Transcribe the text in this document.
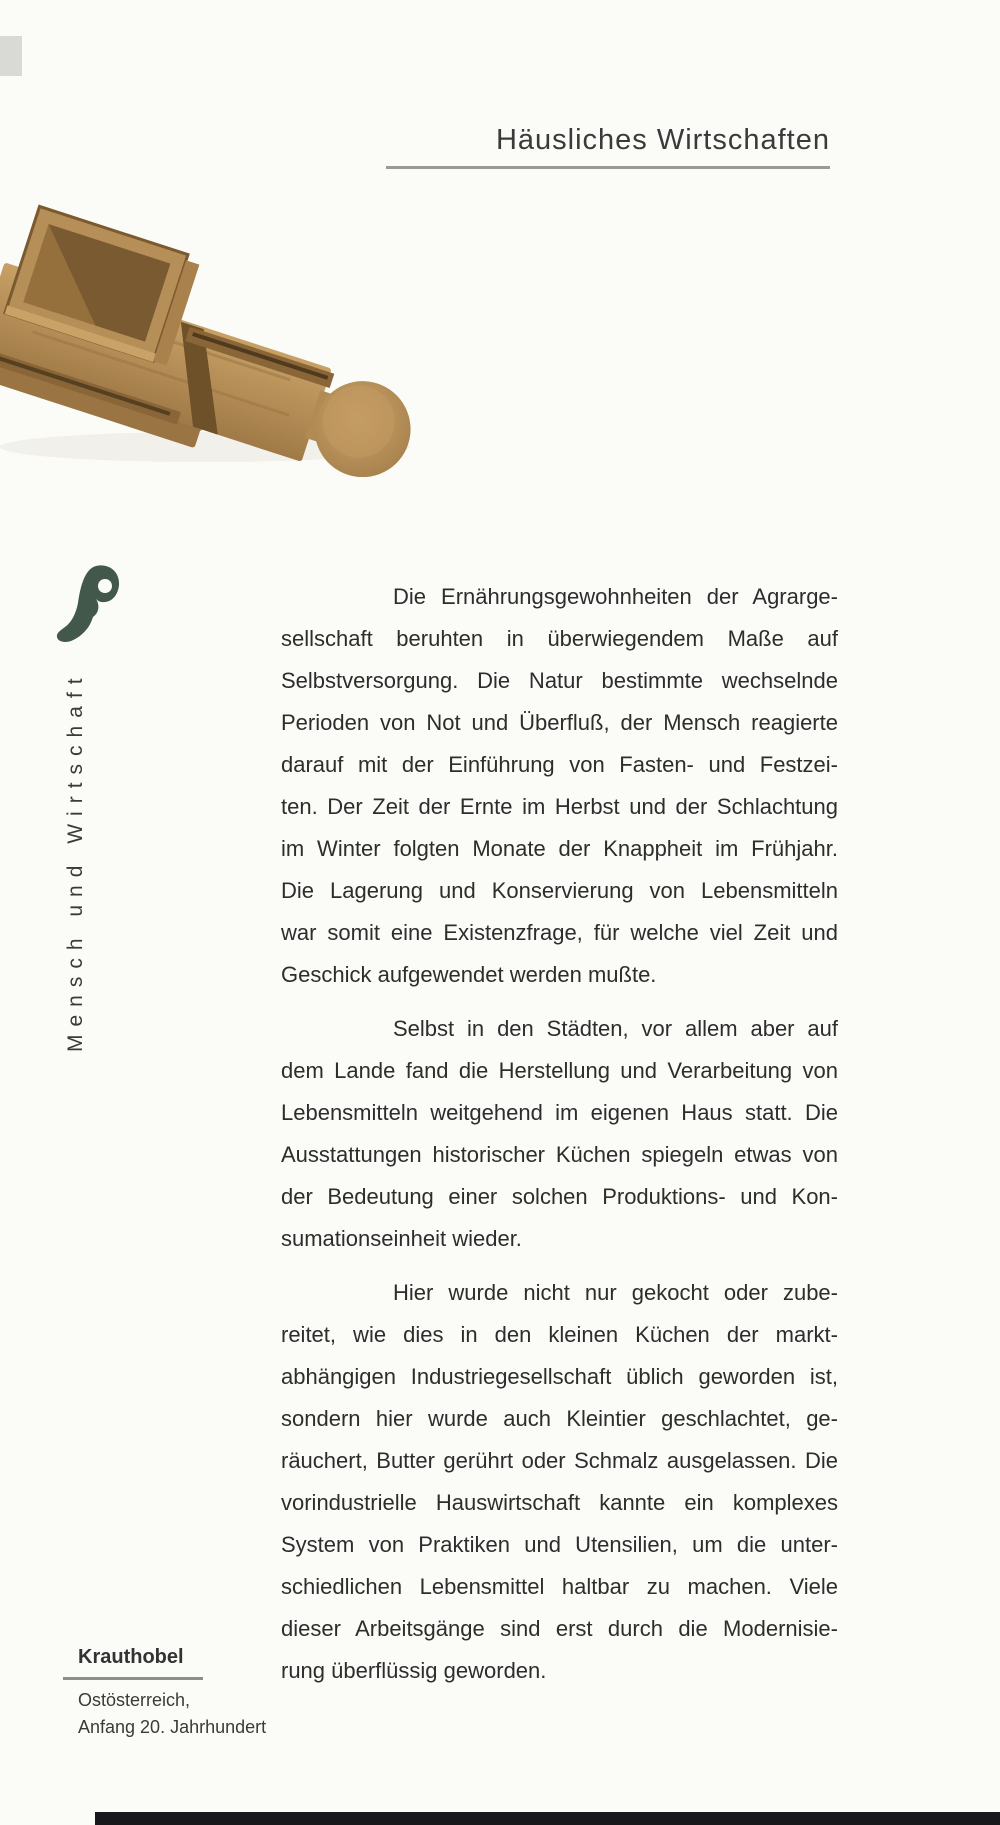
Häusliches Wirtschaften
Mensch und Wirtschaft
Die Ernährungsgewohnheiten der Agrarge-
sellschaft beruhten in überwiegendem Maße auf
Selbstversorgung. Die Natur bestimmte wechselnde
Perioden von Not und Überfluß, der Mensch reagierte
darauf mit der Einführung von Fasten- und Festzei-
ten. Der Zeit der Ernte im Herbst und der Schlachtung
im Winter folgten Monate der Knappheit im Frühjahr.
Die Lagerung und Konservierung von Lebensmitteln
war somit eine Existenzfrage, für welche viel Zeit und
Geschick aufgewendet werden mußte.
Selbst in den Städten, vor allem aber auf
dem Lande fand die Herstellung und Verarbeitung von
Lebensmitteln weitgehend im eigenen Haus statt. Die
Ausstattungen historischer Küchen spiegeln etwas von
der Bedeutung einer solchen Produktions- und Kon-
sumationseinheit wieder.
Hier wurde nicht nur gekocht oder zube-
reitet, wie dies in den kleinen Küchen der markt-
abhängigen Industriegesellschaft üblich geworden ist,
sondern hier wurde auch Kleintier geschlachtet, ge-
räuchert, Butter gerührt oder Schmalz ausgelassen. Die
vorindustrielle Hauswirtschaft kannte ein komplexes
System von Praktiken und Utensilien, um die unter-
schiedlichen Lebensmittel haltbar zu machen. Viele
dieser Arbeitsgänge sind erst durch die Modernisie-
rung überflüssig geworden.
Krauthobel
Ostösterreich,
Anfang 20. Jahrhundert
